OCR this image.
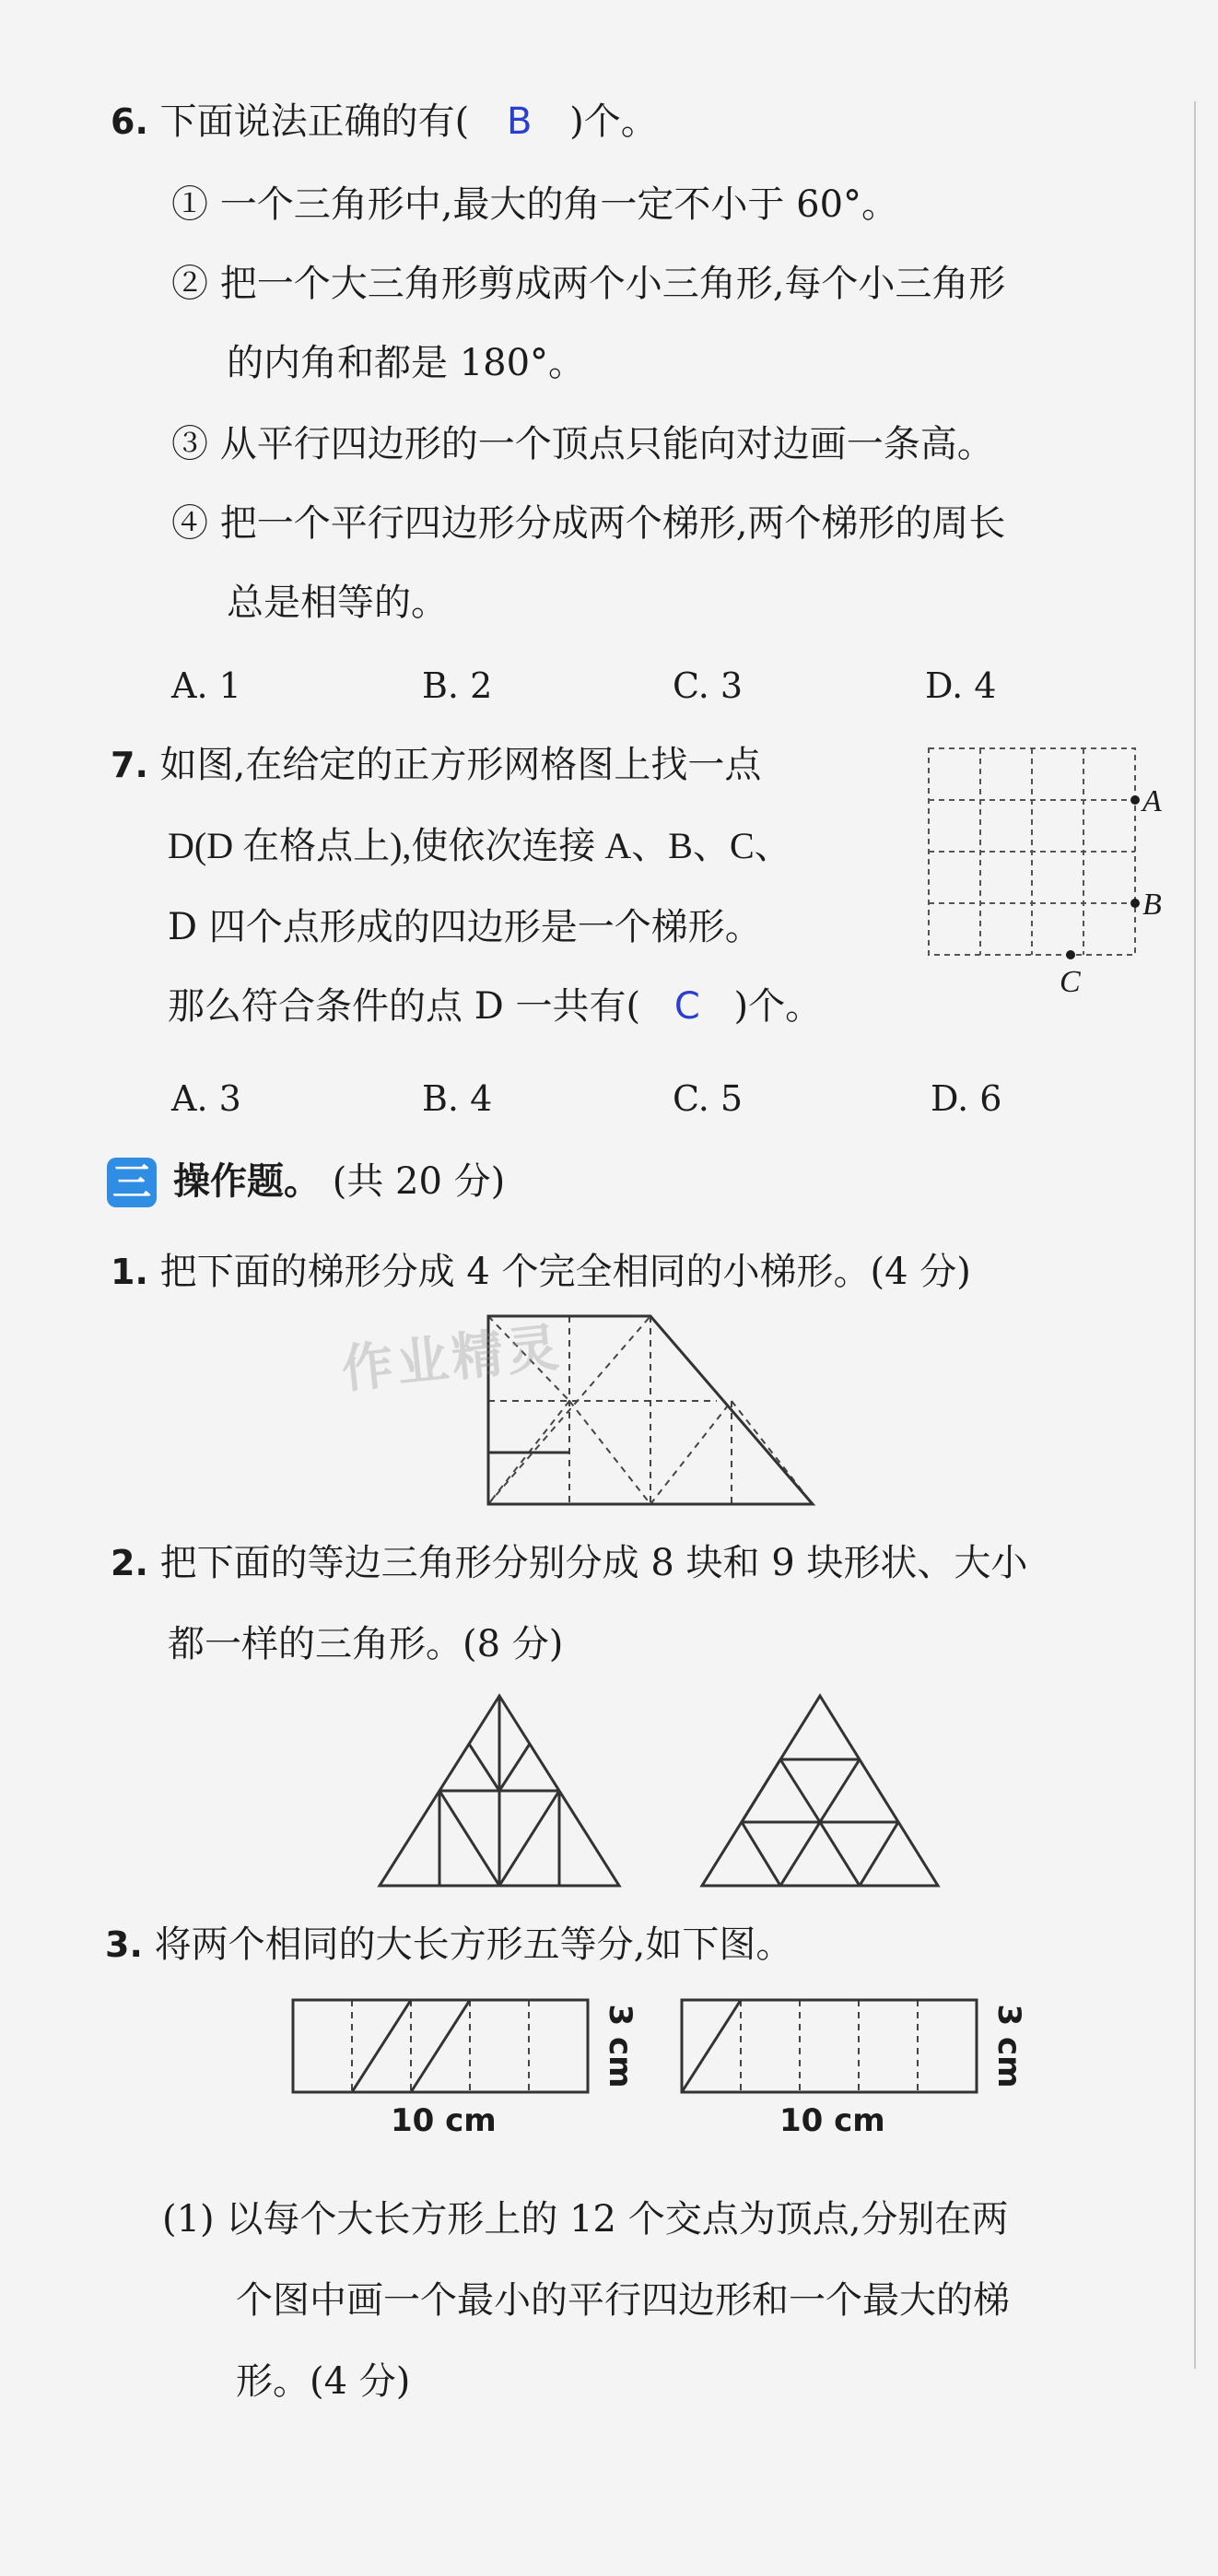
6. 下面说法正确的有( B )个。
① 一个三角形中,最大的角一定不小于 60°。
② 把一个大三角形剪成两个小三角形,每个小三角形
的内角和都是 180°。
③ 从平行四边形的一个顶点只能向对边画一条高。
④ 把一个平行四边形分成两个梯形,两个梯形的周长
总是相等的。
A. 1	B. 2	C. 3	D. 4
7. 如图,在给定的正方形网格图上找一点
D(D 在格点上),使依次连接 A、B、C、
D 四个点形成的四边形是一个梯形。
那么符合条件的点 D 一共有( C )个。
A
B
C
A. 3	B. 4	C. 5	D. 6
三 操作题。 (共 20 分)
1. 把下面的梯形分成 4 个完全相同的小梯形。(4 分)
作业精灵
2. 把下面的等边三角形分别分成 8 块和 9 块形状、大小
都一样的三角形。(8 分)
3. 将两个相同的大长方形五等分,如下图。
10 cm
3 cm
10 cm
3 cm
(1) 以每个大长方形上的 12 个交点为顶点,分别在两
个图中画一个最小的平行四边形和一个最大的梯
形。(4 分)
